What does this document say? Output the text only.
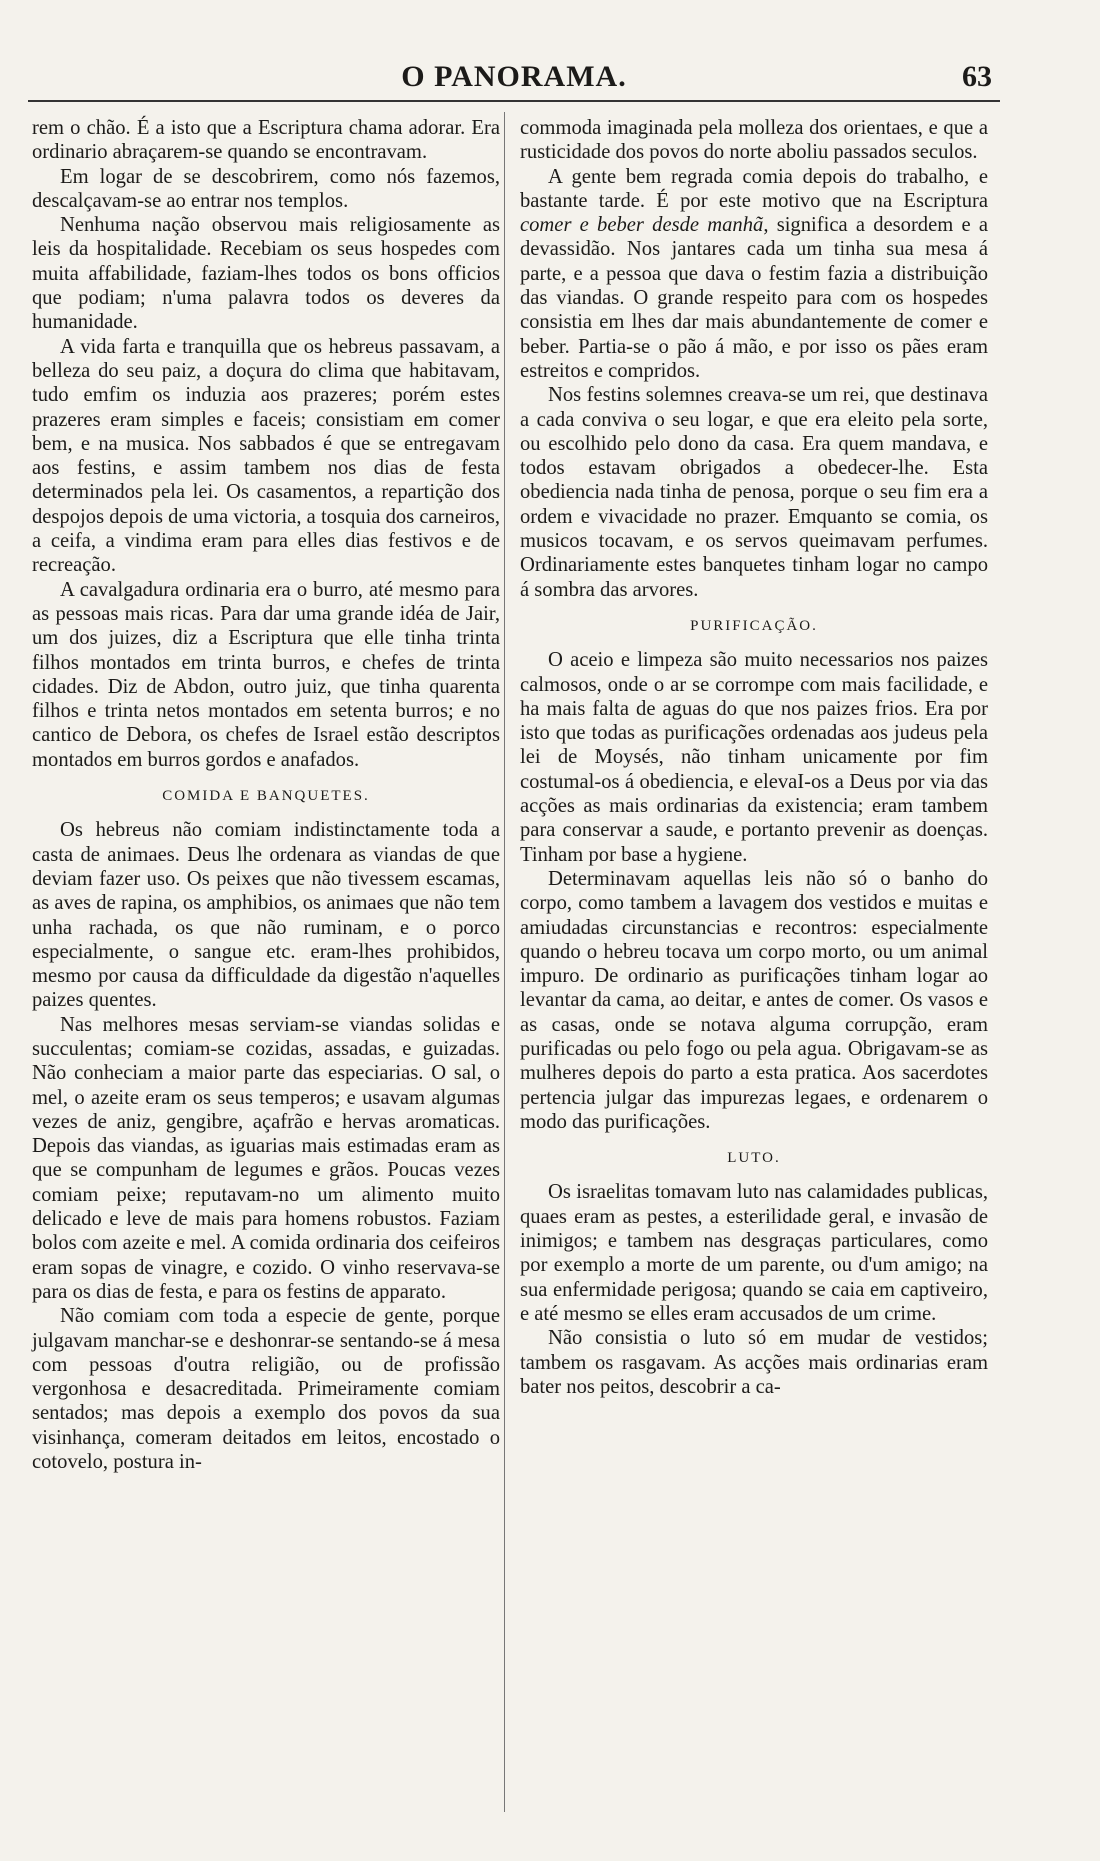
O PANORAMA.	63

rem o chão. É a isto que a Escriptura chama adorar. Era ordinario abraçarem-se quando se encontravam.

Em logar de se descobrirem, como nós fazemos, descalçavam-se ao entrar nos templos.

Nenhuma nação observou mais religiosamente as leis da hospitalidade. Recebiam os seus hospedes com muita affabilidade, faziam-lhes todos os bons officios que podiam; n'uma palavra todos os deveres da humanidade.

A vida farta e tranquilla que os hebreus passavam, a belleza do seu paiz, a doçura do clima que habitavam, tudo emfim os induzia aos prazeres; porém estes prazeres eram simples e faceis; consistiam em comer bem, e na musica. Nos sabbados é que se entregavam aos festins, e assim tambem nos dias de festa determinados pela lei. Os casamentos, a repartição dos despojos depois de uma victoria, a tosquia dos carneiros, a ceifa, a vindima eram para elles dias festivos e de recreação.

A cavalgadura ordinaria era o burro, até mesmo para as pessoas mais ricas. Para dar uma grande idéa de Jair, um dos juizes, diz a Escriptura que elle tinha trinta filhos montados em trinta burros, e chefes de trinta cidades. Diz de Abdon, outro juiz, que tinha quarenta filhos e trinta netos montados em setenta burros; e no cantico de Debora, os chefes de Israel estão descriptos montados em burros gordos e anafados.

COMIDA E BANQUETES.

Os hebreus não comiam indistinctamente toda a casta de animaes. Deus lhe ordenara as viandas de que deviam fazer uso. Os peixes que não tivessem escamas, as aves de rapina, os amphibios, os animaes que não tem unha rachada, os que não ruminam, e o porco especialmente, o sangue etc. eram-lhes prohibidos, mesmo por causa da difficuldade da digestão n'aquelles paizes quentes.

Nas melhores mesas serviam-se viandas solidas e succulentas; comiam-se cozidas, assadas, e guizadas. Não conheciam a maior parte das especiarias. O sal, o mel, o azeite eram os seus temperos; e usavam algumas vezes de aniz, gengibre, açafrão e hervas aromaticas. Depois das viandas, as iguarias mais estimadas eram as que se compunham de legumes e grãos. Poucas vezes comiam peixe; reputavam-no um alimento muito delicado e leve de mais para homens robustos. Faziam bolos com azeite e mel. A comida ordinaria dos ceifeiros eram sopas de vinagre, e cozido. O vinho reservava-se para os dias de festa, e para os festins de apparato.

Não comiam com toda a especie de gente, porque julgavam manchar-se e deshonrar-se sentando-se á mesa com pessoas d'outra religião, ou de profissão vergonhosa e desacreditada. Primeiramente comiam sentados; mas depois a exemplo dos povos da sua visinhança, comeram deitados em leitos, encostado o cotovelo, postura in-

commoda imaginada pela molleza dos orientaes, e que a rusticidade dos povos do norte aboliu passados seculos.

A gente bem regrada comia depois do trabalho, e bastante tarde. É por este motivo que na Escriptura comer e beber desde manhã, significa a desordem e a devassidão. Nos jantares cada um tinha sua mesa á parte, e a pessoa que dava o festim fazia a distribuição das viandas. O grande respeito para com os hospedes consistia em lhes dar mais abundantemente de comer e beber. Partia-se o pão á mão, e por isso os pães eram estreitos e compridos.

Nos festins solemnes creava-se um rei, que destinava a cada conviva o seu logar, e que era eleito pela sorte, ou escolhido pelo dono da casa. Era quem mandava, e todos estavam obrigados a obedecer-lhe. Esta obediencia nada tinha de penosa, porque o seu fim era a ordem e vivacidade no prazer. Emquanto se comia, os musicos tocavam, e os servos queimavam perfumes. Ordinariamente estes banquetes tinham logar no campo á sombra das arvores.

PURIFICAÇÃO.

O aceio e limpeza são muito necessarios nos paizes calmosos, onde o ar se corrompe com mais facilidade, e ha mais falta de aguas do que nos paizes frios. Era por isto que todas as purificações ordenadas aos judeus pela lei de Moysés, não tinham unicamente por fim costumal-os á obediencia, e elevaI-os a Deus por via das acções as mais ordinarias da existencia; eram tambem para conservar a saude, e portanto prevenir as doenças. Tinham por base a hygiene.

Determinavam aquellas leis não só o banho do corpo, como tambem a lavagem dos vestidos e muitas e amiudadas circunstancias e recontros: especialmente quando o hebreu tocava um corpo morto, ou um animal impuro. De ordinario as purificações tinham logar ao levantar da cama, ao deitar, e antes de comer. Os vasos e as casas, onde se notava alguma corrupção, eram purificadas ou pelo fogo ou pela agua. Obrigavam-se as mulheres depois do parto a esta pratica. Aos sacerdotes pertencia julgar das impurezas legaes, e ordenarem o modo das purificações.

LUTO.

Os israelitas tomavam luto nas calamidades publicas, quaes eram as pestes, a esterilidade geral, e invasão de inimigos; e tambem nas desgraças particulares, como por exemplo a morte de um parente, ou d'um amigo; na sua enfermidade perigosa; quando se caia em captiveiro, e até mesmo se elles eram accusados de um crime.

Não consistia o luto só em mudar de vestidos; tambem os rasgavam. As acções mais ordinarias eram bater nos peitos, descobrir a ca-
